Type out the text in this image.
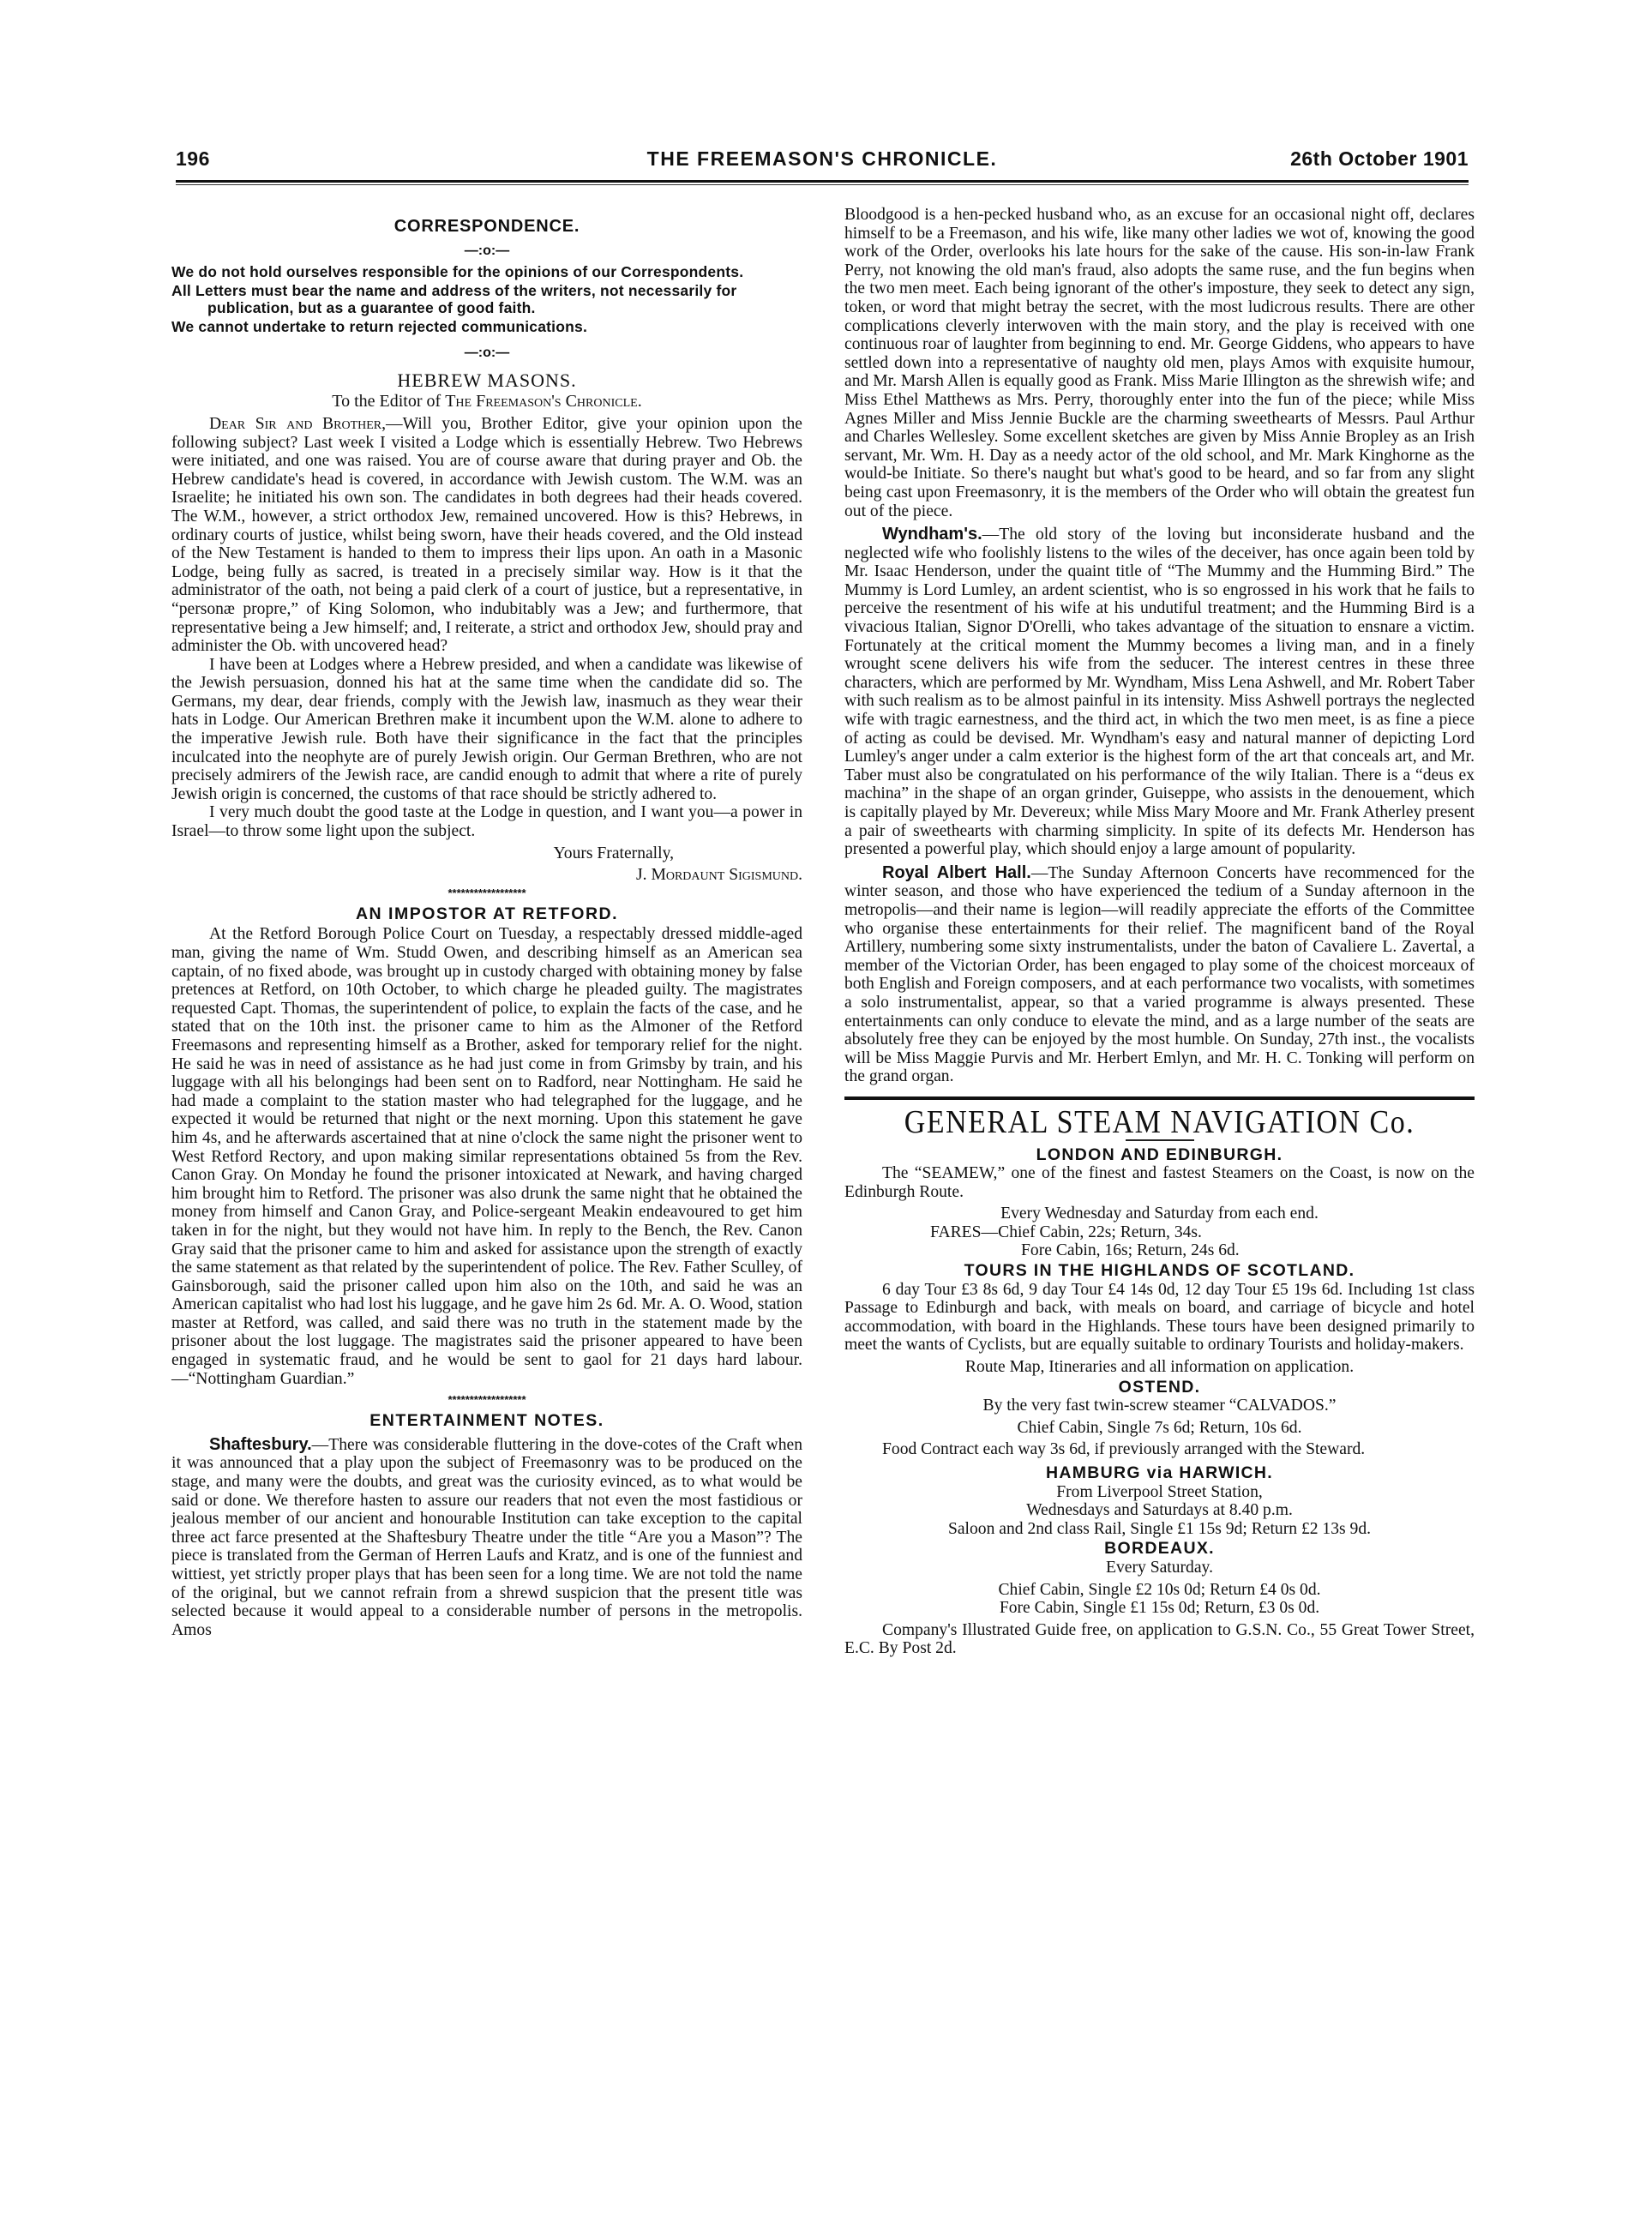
196	THE FREEMASON'S CHRONICLE.	26th October 1901
CORRESPONDENCE.
—:o:—

We do not hold ourselves responsible for the opinions of our Correspondents.

All Letters must bear the name and address of the writers, not necessarily for publication, but as a guarantee of good faith.

We cannot undertake to return rejected communications.

—:o:—
HEBREW MASONS.
To the Editor of The Freemason's Chronicle.

Dear Sir and Brother,—Will you, Brother Editor, give your opinion upon the following subject? Last week I visited a Lodge which is essentially Hebrew. Two Hebrews were initiated, and one was raised. You are of course aware that during prayer and Ob. the Hebrew candidate's head is covered, in accordance with Jewish custom. The W.M. was an Israelite; he initiated his own son. The candidates in both degrees had their heads covered. The W.M., however, a strict orthodox Jew, remained uncovered. How is this? Hebrews, in ordinary courts of justice, whilst being sworn, have their heads covered, and the Old instead of the New Testament is handed to them to impress their lips upon. An oath in a Masonic Lodge, being fully as sacred, is treated in a precisely similar way. How is it that the administrator of the oath, not being a paid clerk of a court of justice, but a representative, in “personæ propre,” of King Solomon, who indubitably was a Jew; and furthermore, that representative being a Jew himself; and, I reiterate, a strict and orthodox Jew, should pray and administer the Ob. with uncovered head?

I have been at Lodges where a Hebrew presided, and when a candidate was likewise of the Jewish persuasion, donned his hat at the same time when the candidate did so. The Germans, my dear, dear friends, comply with the Jewish law, inasmuch as they wear their hats in Lodge. Our American Brethren make it incumbent upon the W.M. alone to adhere to the imperative Jewish rule. Both have their significance in the fact that the principles inculcated into the neophyte are of purely Jewish origin. Our German Brethren, who are not precisely admirers of the Jewish race, are candid enough to admit that where a rite of purely Jewish origin is concerned, the customs of that race should be strictly adhered to.

I very much doubt the good taste at the Lodge in question, and I want you—a power in Israel—to throw some light upon the subject.

Yours Fraternally,

J. Mordaunt Sigismund.

******************
AN IMPOSTOR AT RETFORD.

At the Retford Borough Police Court on Tuesday, a respectably dressed middle-aged man, giving the name of Wm. Studd Owen, and describing himself as an American sea captain, of no fixed abode, was brought up in custody charged with obtaining money by false pretences at Retford, on 10th October, to which charge he pleaded guilty. The magistrates requested Capt. Thomas, the superintendent of police, to explain the facts of the case, and he stated that on the 10th inst. the prisoner came to him as the Almoner of the Retford Freemasons and representing himself as a Brother, asked for temporary relief for the night. He said he was in need of assistance as he had just come in from Grimsby by train, and his luggage with all his belongings had been sent on to Radford, near Nottingham. He said he had made a complaint to the station master who had telegraphed for the luggage, and he expected it would be returned that night or the next morning. Upon this statement he gave him 4s, and he afterwards ascertained that at nine o'clock the same night the prisoner went to West Retford Rectory, and upon making similar representations obtained 5s from the Rev. Canon Gray. On Monday he found the prisoner intoxicated at Newark, and having charged him brought him to Retford. The prisoner was also drunk the same night that he obtained the money from himself and Canon Gray, and Police-sergeant Meakin endeavoured to get him taken in for the night, but they would not have him. In reply to the Bench, the Rev. Canon Gray said that the prisoner came to him and asked for assistance upon the strength of exactly the same statement as that related by the superintendent of police. The Rev. Father Sculley, of Gainsborough, said the prisoner called upon him also on the 10th, and said he was an American capitalist who had lost his luggage, and he gave him 2s 6d. Mr. A. O. Wood, station master at Retford, was called, and said there was no truth in the statement made by the prisoner about the lost luggage. The magistrates said the prisoner appeared to have been engaged in systematic fraud, and he would be sent to gaol for 21 days hard labour.—“Nottingham Guardian.”

******************
ENTERTAINMENT NOTES.

Shaftesbury.—There was considerable fluttering in the dove-cotes of the Craft when it was announced that a play upon the subject of Freemasonry was to be produced on the stage, and many were the doubts, and great was the curiosity evinced, as to what would be said or done. We therefore hasten to assure our readers that not even the most fastidious or jealous member of our ancient and honourable Institution can take exception to the capital three act farce presented at the Shaftesbury Theatre under the title “Are you a Mason”? The piece is translated from the German of Herren Laufs and Kratz, and is one of the funniest and wittiest, yet strictly proper plays that has been seen for a long time. We are not told the name of the original, but we cannot refrain from a shrewd suspicion that the present title was selected because it would appeal to a considerable number of persons in the metropolis. Amos

Bloodgood is a hen-pecked husband who, as an excuse for an occasional night off, declares himself to be a Freemason, and his wife, like many other ladies we wot of, knowing the good work of the Order, overlooks his late hours for the sake of the cause. His son-in-law Frank Perry, not knowing the old man's fraud, also adopts the same ruse, and the fun begins when the two men meet. Each being ignorant of the other's imposture, they seek to detect any sign, token, or word that might betray the secret, with the most ludicrous results. There are other complications cleverly interwoven with the main story, and the play is received with one continuous roar of laughter from beginning to end. Mr. George Giddens, who appears to have settled down into a representative of naughty old men, plays Amos with exquisite humour, and Mr. Marsh Allen is equally good as Frank. Miss Marie Illington as the shrewish wife; and Miss Ethel Matthews as Mrs. Perry, thoroughly enter into the fun of the piece; while Miss Agnes Miller and Miss Jennie Buckle are the charming sweethearts of Messrs. Paul Arthur and Charles Wellesley. Some excellent sketches are given by Miss Annie Bropley as an Irish servant, Mr. Wm. H. Day as a needy actor of the old school, and Mr. Mark Kinghorne as the would-be Initiate. So there's naught but what's good to be heard, and so far from any slight being cast upon Freemasonry, it is the members of the Order who will obtain the greatest fun out of the piece.

Wyndham's.—The old story of the loving but inconsiderate husband and the neglected wife who foolishly listens to the wiles of the deceiver, has once again been told by Mr. Isaac Henderson, under the quaint title of “The Mummy and the Humming Bird.” The Mummy is Lord Lumley, an ardent scientist, who is so engrossed in his work that he fails to perceive the resentment of his wife at his undutiful treatment; and the Humming Bird is a vivacious Italian, Signor D'Orelli, who takes advantage of the situation to ensnare a victim. Fortunately at the critical moment the Mummy becomes a living man, and in a finely wrought scene delivers his wife from the seducer. The interest centres in these three characters, which are performed by Mr. Wyndham, Miss Lena Ashwell, and Mr. Robert Taber with such realism as to be almost painful in its intensity. Miss Ashwell portrays the neglected wife with tragic earnestness, and the third act, in which the two men meet, is as fine a piece of acting as could be devised. Mr. Wyndham's easy and natural manner of depicting Lord Lumley's anger under a calm exterior is the highest form of the art that conceals art, and Mr. Taber must also be congratulated on his performance of the wily Italian. There is a “deus ex machina” in the shape of an organ grinder, Guiseppe, who assists in the denouement, which is capitally played by Mr. Devereux; while Miss Mary Moore and Mr. Frank Atherley present a pair of sweethearts with charming simplicity. In spite of its defects Mr. Henderson has presented a powerful play, which should enjoy a large amount of popularity.

Royal Albert Hall.—The Sunday Afternoon Concerts have recommenced for the winter season, and those who have experienced the tedium of a Sunday afternoon in the metropolis—and their name is legion—will readily appreciate the efforts of the Committee who organise these entertainments for their relief. The magnificent band of the Royal Artillery, numbering some sixty instrumentalists, under the baton of Cavaliere L. Zavertal, a member of the Victorian Order, has been engaged to play some of the choicest morceaux of both English and Foreign composers, and at each performance two vocalists, with sometimes a solo instrumentalist, appear, so that a varied programme is always presented. These entertainments can only conduce to elevate the mind, and as a large number of the seats are absolutely free they can be enjoyed by the most humble. On Sunday, 27th inst., the vocalists will be Miss Maggie Purvis and Mr. Herbert Emlyn, and Mr. H. C. Tonking will perform on the grand organ.

GENERAL STEAM NAVIGATION Co.
LONDON AND EDINBURGH.

The “SEAMEW,” one of the finest and fastest Steamers on the Coast, is now on the Edinburgh Route.

Every Wednesday and Saturday from each end.

FARES—Chief Cabin, 22s; Return, 34s.

Fore Cabin, 16s; Return, 24s 6d.

TOURS IN THE HIGHLANDS OF SCOTLAND.

6 day Tour £3 8s 6d, 9 day Tour £4 14s 0d, 12 day Tour £5 19s 6d. Including 1st class Passage to Edinburgh and back, with meals on board, and carriage of bicycle and hotel accommodation, with board in the Highlands. These tours have been designed primarily to meet the wants of Cyclists, but are equally suitable to ordinary Tourists and holiday-makers.

Route Map, Itineraries and all information on application.

OSTEND.

By the very fast twin-screw steamer “CALVADOS.”

Chief Cabin, Single 7s 6d; Return, 10s 6d.

Food Contract each way 3s 6d, if previously arranged with the Steward.

HAMBURG via HARWICH.

From Liverpool Street Station,

Wednesdays and Saturdays at 8.40 p.m.

Saloon and 2nd class Rail, Single £1 15s 9d; Return £2 13s 9d.

BORDEAUX.

Every Saturday.

Chief Cabin, Single £2 10s 0d; Return £4 0s 0d.

Fore Cabin, Single £1 15s 0d; Return, £3 0s 0d.

Company's Illustrated Guide free, on application to G.S.N. Co., 55 Great Tower Street, E.C. By Post 2d.
